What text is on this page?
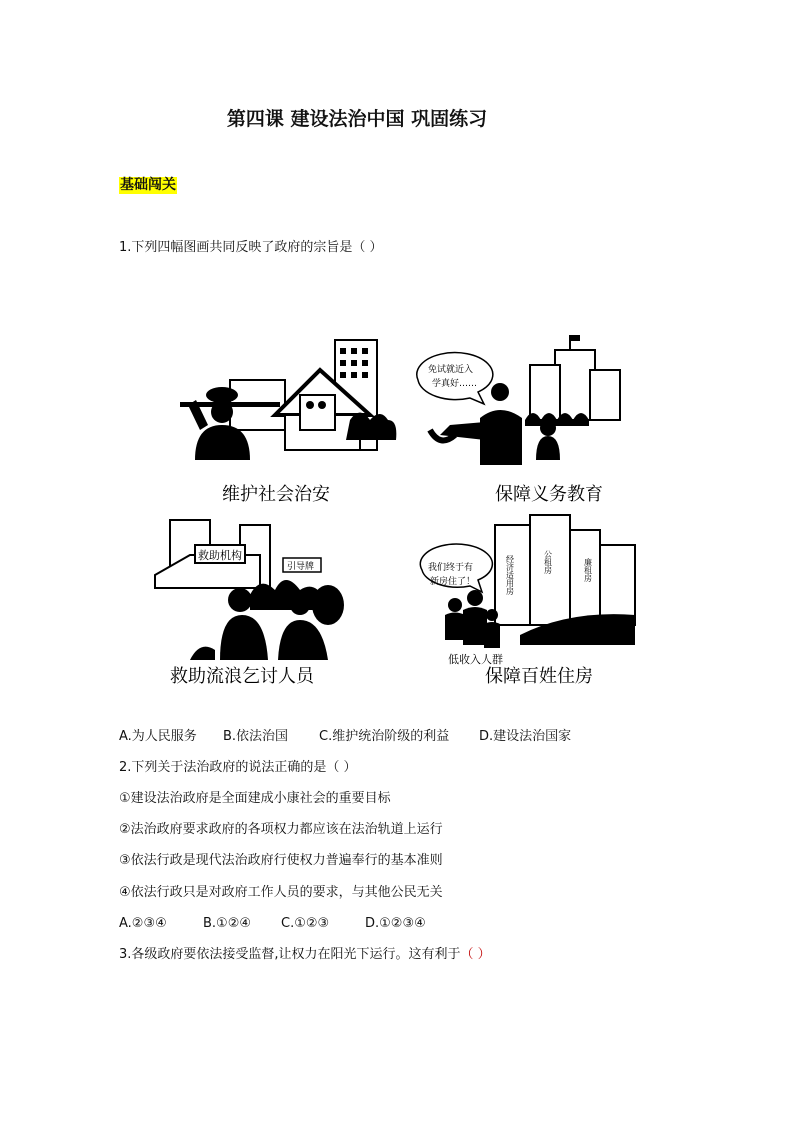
第四课 建设法治中国 巩固练习
基础闯关
1.下列四幅图画共同反映了政府的宗旨是（ ）
维护社会治安
免试就近入
学真好……
保障义务教育
救助机构
引导牌
救助流浪乞讨人员
经济适用房	公租房	廉租房
我们终于有
新房住了！
低收入人群
保障百姓住房
A.为人民服务 B.依法治国 C.维护统治阶级的利益 D.建设法治国家
2.下列关于法治政府的说法正确的是（ ）
①建设法治政府是全面建成小康社会的重要目标
②法治政府要求政府的各项权力都应该在法治轨道上运行
③依法行政是现代法治政府行使权力普遍奉行的基本准则
④依法行政只是对政府工作人员的要求，与其他公民无关
A.②③④	B.①②④ C.①②③	D.①②③④
3.各级政府要依法接受监督,让权力在阳光下运行。这有利于（ ）
